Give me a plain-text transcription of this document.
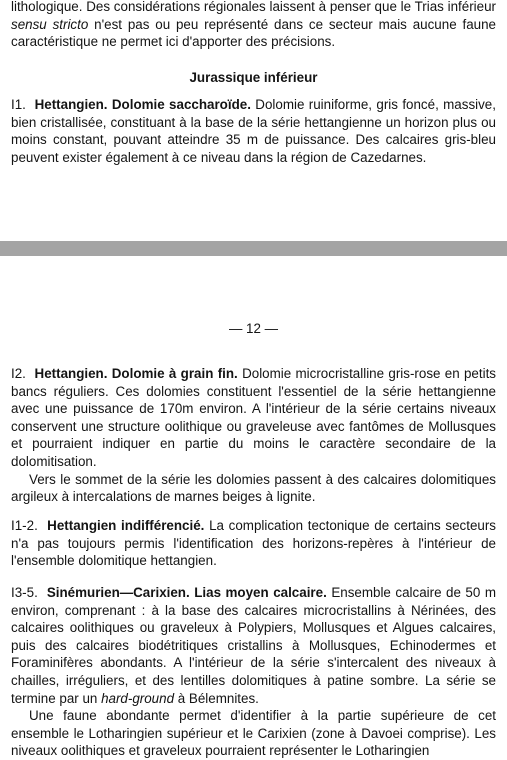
lithologique. Des considérations régionales laissent à penser que le Trias inférieur sensu stricto n'est pas ou peu représenté dans ce secteur mais aucune faune caractéristique ne permet ici d'apporter des précisions.

Jurassique inférieur

I1. Hettangien. Dolomie saccharoïde. Dolomie ruiniforme, gris foncé, massive, bien cristallisée, constituant à la base de la série hettangienne un horizon plus ou moins constant, pouvant atteindre 35 m de puissance. Des calcaires gris-bleu peuvent exister également à ce niveau dans la région de Cazedarnes.

— 12 —

I2. Hettangien. Dolomie à grain fin. Dolomie microcristalline gris-rose en petits bancs réguliers. Ces dolomies constituent l'essentiel de la série hettangienne avec une puissance de 170m environ. A l'intérieur de la série certains niveaux conservent une structure oolithique ou graveleuse avec fantômes de Mollusques et pourraient indiquer en partie du moins le caractère secondaire de la dolomitisation.

Vers le sommet de la série les dolomies passent à des calcaires dolomitiques argileux à intercalations de marnes beiges à lignite.

I1-2. Hettangien indifférencié. La complication tectonique de certains secteurs n'a pas toujours permis l'identification des horizons-repères à l'intérieur de l'ensemble dolomitique hettangien.

I3-5. Sinémurien—Carixien. Lias moyen calcaire. Ensemble calcaire de 50 m environ, comprenant : à la base des calcaires microcristallins à Nérinées, des calcaires oolithiques ou graveleux à Polypiers, Mollusques et Algues calcaires, puis des calcaires biodétritiques cristallins à Mollusques, Echinodermes et Foraminifères abondants. A l'intérieur de la série s'intercalent des niveaux à chailles, irréguliers, et des lentilles dolomitiques à patine sombre. La série se termine par un hard-ground à Bélemnites.

Une faune abondante permet d'identifier à la partie supérieure de cet ensemble le Lotharingien supérieur et le Carixien (zone à Davoei comprise). Les niveaux oolithiques et graveleux pourraient représenter le Lotharingien
